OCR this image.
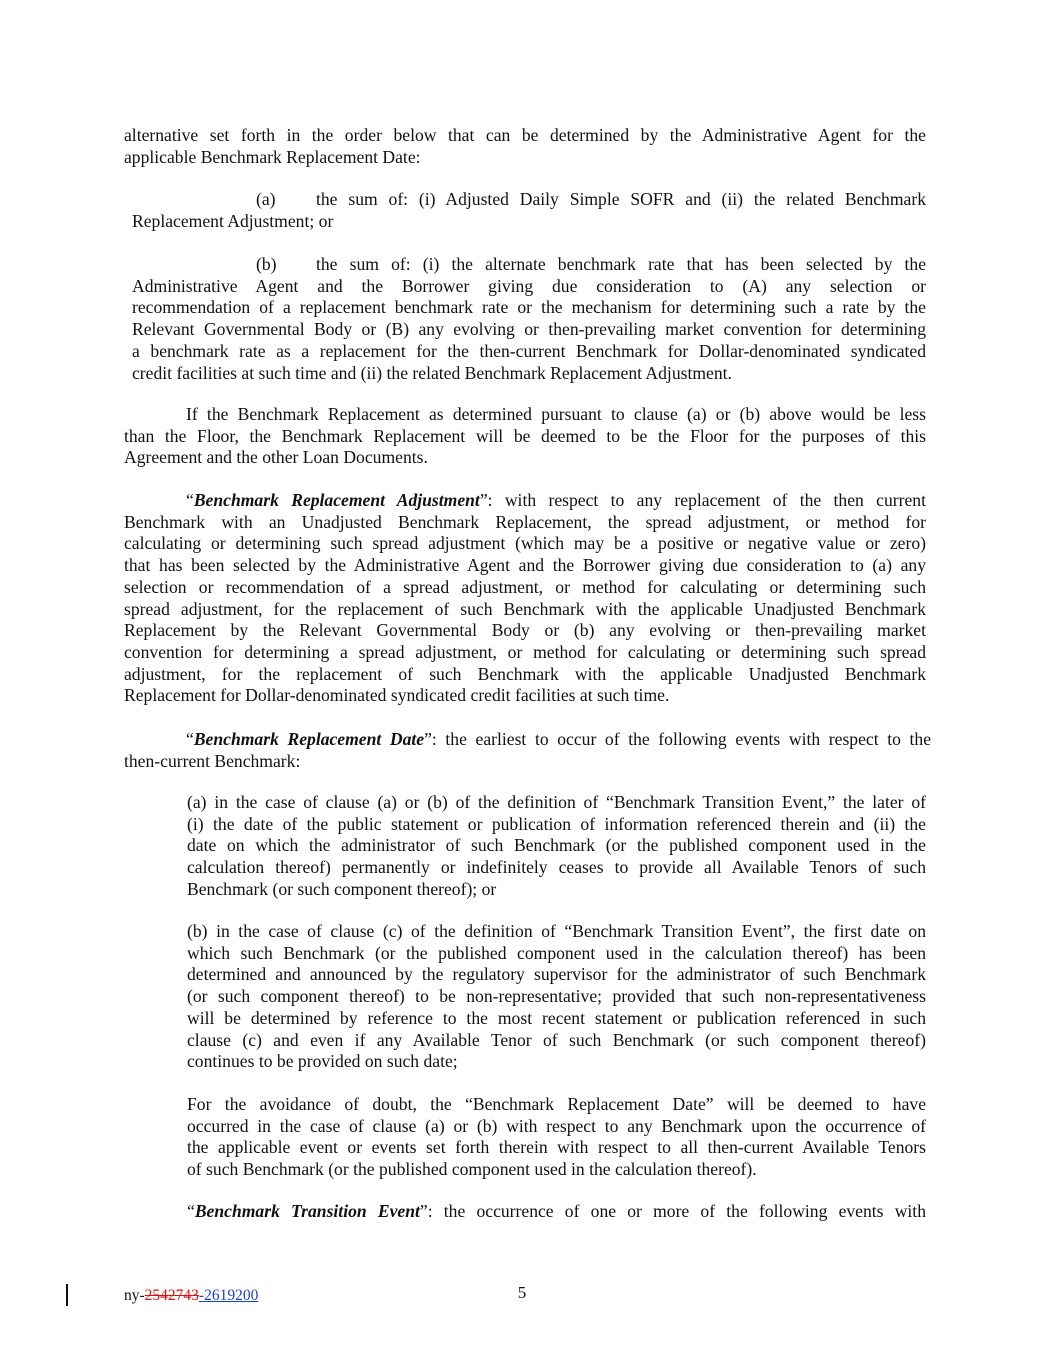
alternative set forth in the order below that can be determined by the Administrative Agent for the
applicable Benchmark Replacement Date:
(a) the sum of: (i) Adjusted Daily Simple SOFR and (ii) the related Benchmark
Replacement Adjustment; or
(b) the sum of: (i) the alternate benchmark rate that has been selected by the
Administrative Agent and the Borrower giving due consideration to (A) any selection or
recommendation of a replacement benchmark rate or the mechanism for determining such a rate by the
Relevant Governmental Body or (B) any evolving or then-prevailing market convention for determining
a benchmark rate as a replacement for the then-current Benchmark for Dollar-denominated syndicated
credit facilities at such time and (ii) the related Benchmark Replacement Adjustment.
If the Benchmark Replacement as determined pursuant to clause (a) or (b) above would be less
than the Floor, the Benchmark Replacement will be deemed to be the Floor for the purposes of this
Agreement and the other Loan Documents.
“Benchmark Replacement Adjustment”: with respect to any replacement of the then current
Benchmark with an Unadjusted Benchmark Replacement, the spread adjustment, or method for
calculating or determining such spread adjustment (which may be a positive or negative value or zero)
that has been selected by the Administrative Agent and the Borrower giving due consideration to (a) any
selection or recommendation of a spread adjustment, or method for calculating or determining such
spread adjustment, for the replacement of such Benchmark with the applicable Unadjusted Benchmark
Replacement by the Relevant Governmental Body or (b) any evolving or then-prevailing market
convention for determining a spread adjustment, or method for calculating or determining such spread
adjustment, for the replacement of such Benchmark with the applicable Unadjusted Benchmark
Replacement for Dollar-denominated syndicated credit facilities at such time.
“Benchmark Replacement Date”: the earliest to occur of the following events with respect to the
then-current Benchmark:
(a) in the case of clause (a) or (b) of the definition of “Benchmark Transition Event,” the later of
(i) the date of the public statement or publication of information referenced therein and (ii) the
date on which the administrator of such Benchmark (or the published component used in the
calculation thereof) permanently or indefinitely ceases to provide all Available Tenors of such
Benchmark (or such component thereof); or
(b) in the case of clause (c) of the definition of “Benchmark Transition Event”, the first date on
which such Benchmark (or the published component used in the calculation thereof) has been
determined and announced by the regulatory supervisor for the administrator of such Benchmark
(or such component thereof) to be non-representative; provided that such non-representativeness
will be determined by reference to the most recent statement or publication referenced in such
clause (c) and even if any Available Tenor of such Benchmark (or such component thereof)
continues to be provided on such date;
For the avoidance of doubt, the “Benchmark Replacement Date” will be deemed to have
occurred in the case of clause (a) or (b) with respect to any Benchmark upon the occurrence of
the applicable event or events set forth therein with respect to all then-current Available Tenors
of such Benchmark (or the published component used in the calculation thereof).
“Benchmark Transition Event”: the occurrence of one or more of the following events with
ny-2542743-2619200	5
